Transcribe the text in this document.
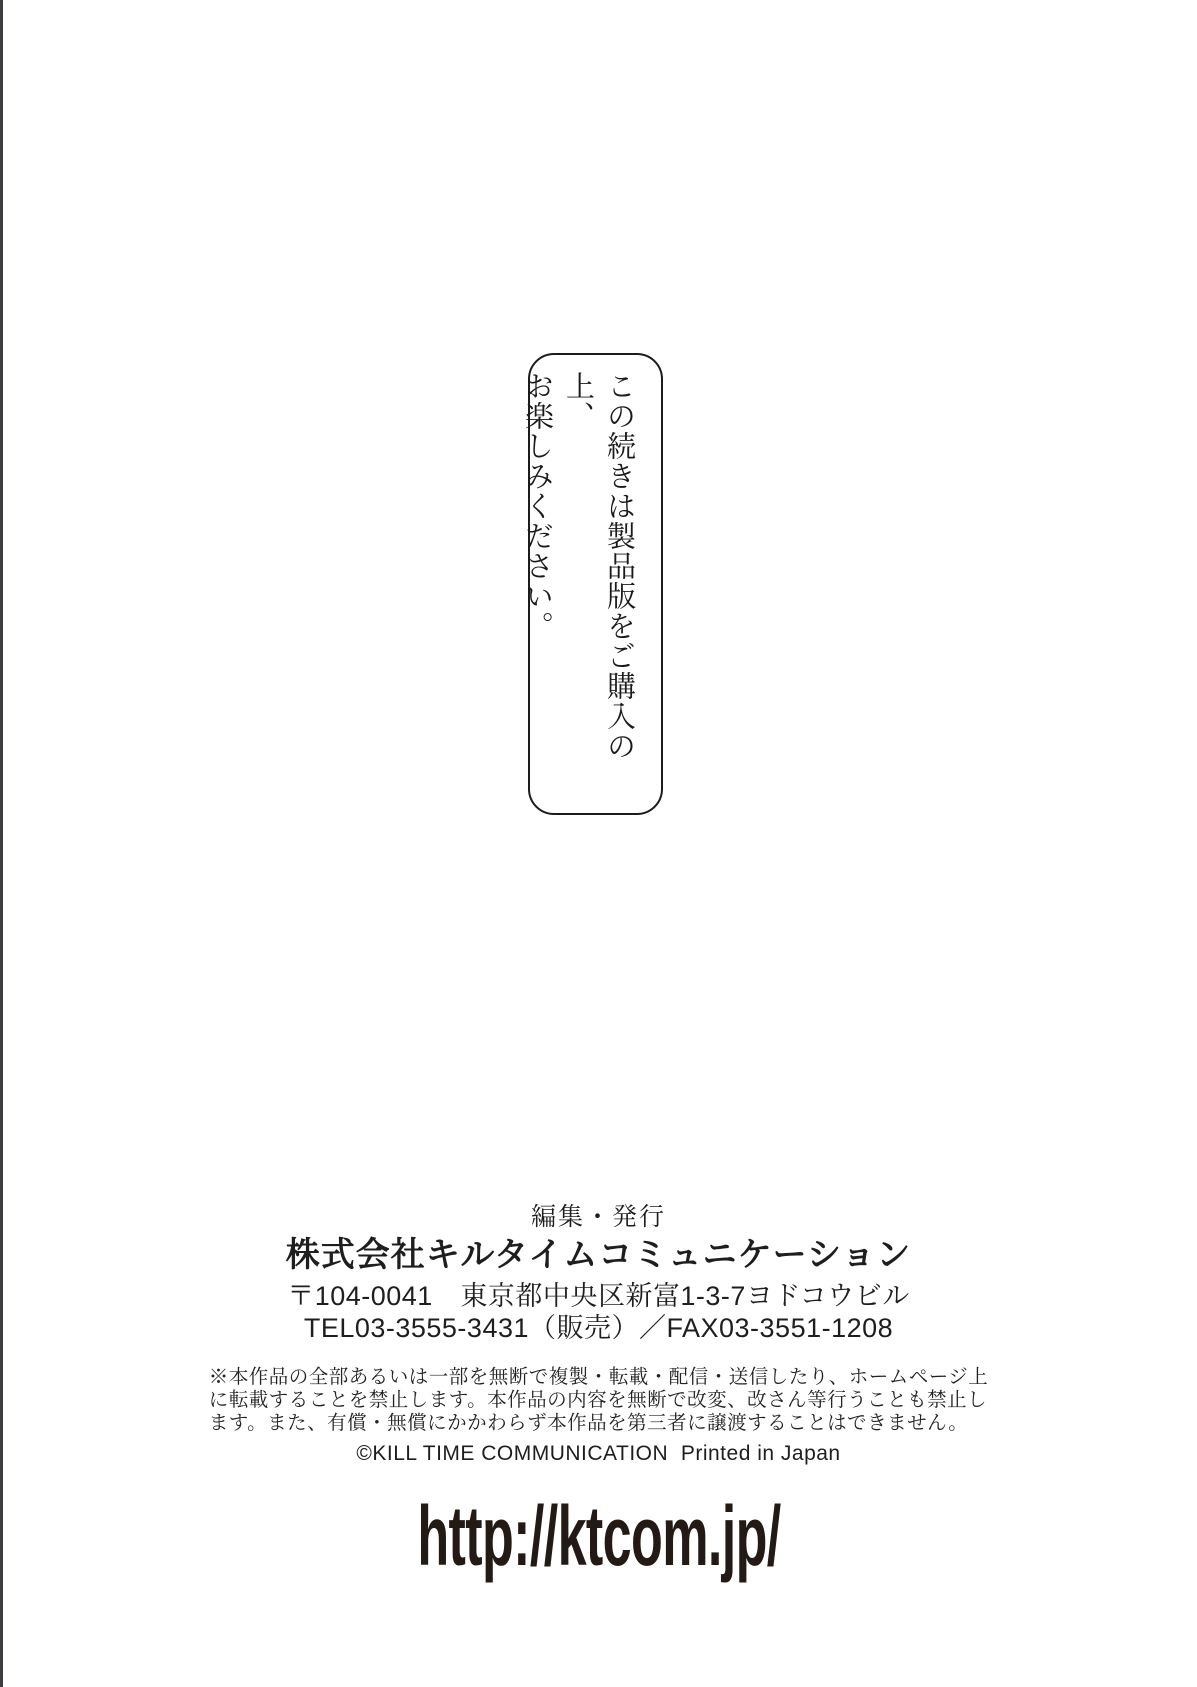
この続きは製品版をご購入の上、
お楽しみください。
編集・発行
株式会社キルタイムコミュニケーション
〒104-0041　東京都中央区新富1-3-7ヨドコウビル
TEL03-3555-3431（販売）／FAX03-3551-1208
※本作品の全部あるいは一部を無断で複製・転載・配信・送信したり、ホームページ上
に転載することを禁止します。本作品の内容を無断で改変、改さん等行うことも禁止し
ます。また、有償・無償にかかわらず本作品を第三者に譲渡することはできません。
©KILL TIME COMMUNICATION  Printed in Japan
http://ktcom.jp/
